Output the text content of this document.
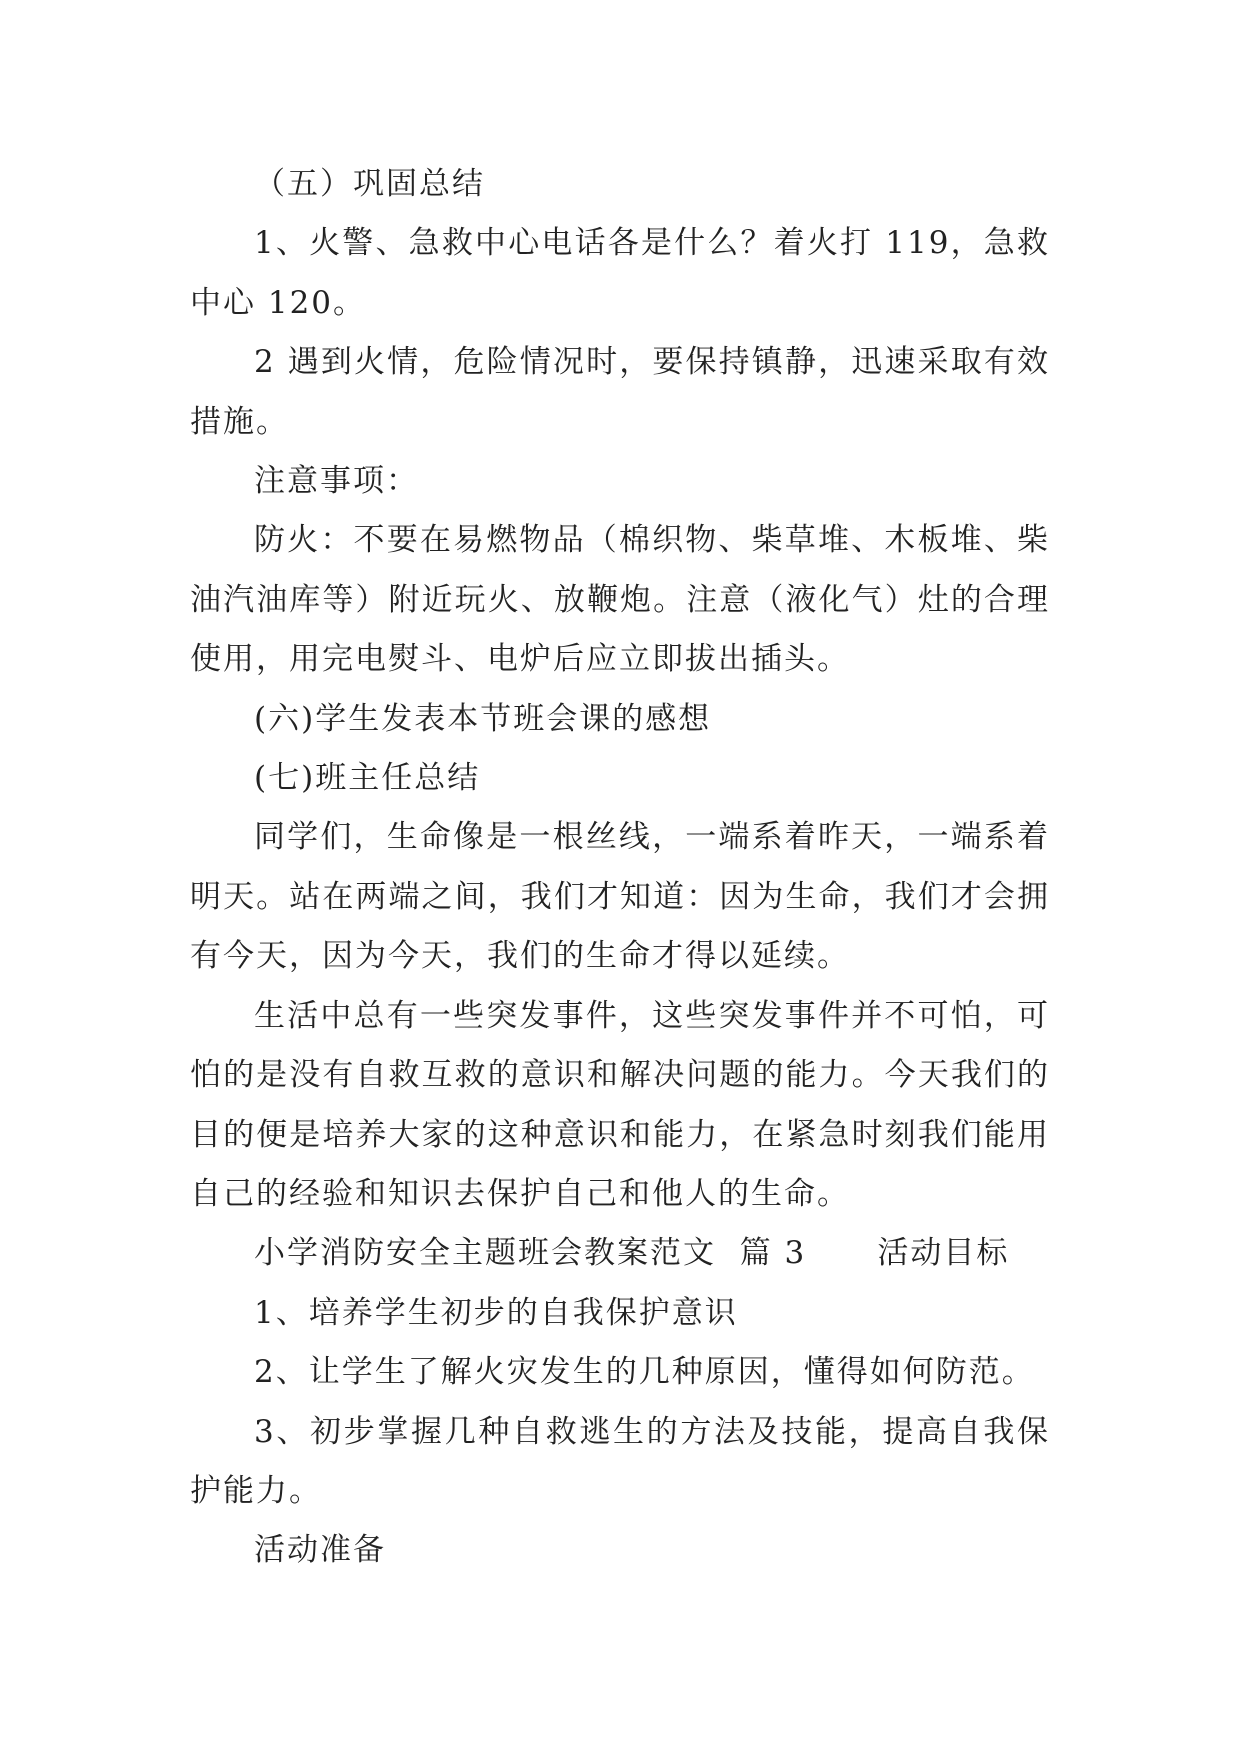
（五）巩固总结

1、火警、急救中心电话各是什么？着火打 119，急救中心 120。

2 遇到火情，危险情况时，要保持镇静，迅速采取有效措施。

注意事项：

防火：不要在易燃物品（棉织物、柴草堆、木板堆、柴油汽油库等）附近玩火、放鞭炮。注意（液化气）灶的合理使用，用完电熨斗、电炉后应立即拔出插头。

(六)学生发表本节班会课的感想

(七)班主任总结

同学们，生命像是一根丝线，一端系着昨天，一端系着明天。站在两端之间，我们才知道：因为生命，我们才会拥有今天，因为今天，我们的生命才得以延续。

生活中总有一些突发事件，这些突发事件并不可怕，可怕的是没有自救互救的意识和解决问题的能力。今天我们的目的便是培养大家的这种意识和能力，在紧急时刻我们能用自己的经验和知识去保护自己和他人的生命。

小学消防安全主题班会教案范文  篇 3      活动目标

1、培养学生初步的自我保护意识

2、让学生了解火灾发生的几种原因，懂得如何防范。

3、初步掌握几种自救逃生的方法及技能，提高自我保护能力。

活动准备
